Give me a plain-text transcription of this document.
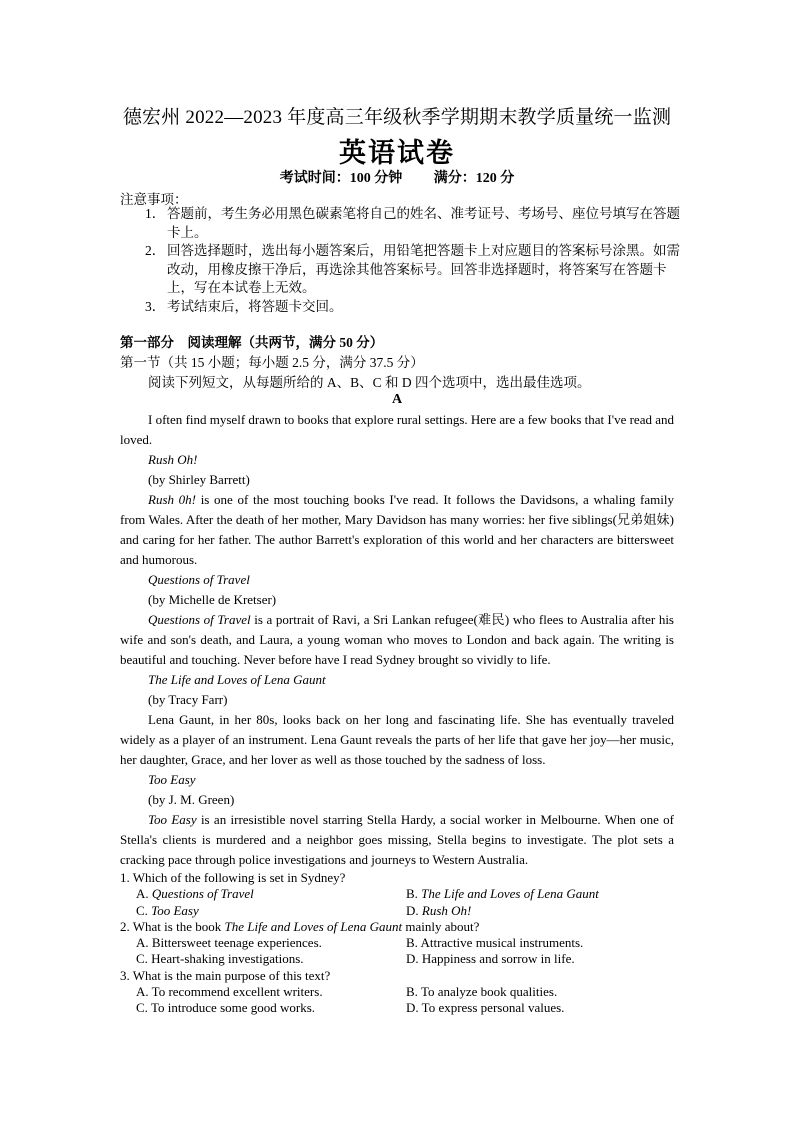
德宏州 2022—2023 年度高三年级秋季学期期末教学质量统一监测
英语试卷
考试时间：100 分钟 满分：120 分
注意事项：
1． 答题前，考生务必用黑色碳素笔将自己的姓名、准考证号、考场号、座位号填写在答题卡上。
2． 回答选择题时，选出每小题答案后，用铅笔把答题卡上对应题目的答案标号涂黑。如需改动，用橡皮擦干净后，再选涂其他答案标号。回答非选择题时，将答案写在答题卡上，写在本试卷上无效。
3． 考试结束后，将答题卡交回。
第一部分　阅读理解（共两节，满分 50 分）
第一节（共 15 小题；每小题 2.5 分，满分 37.5 分）
阅读下列短文，从每题所给的 A、B、C 和 D 四个选项中，选出最佳选项。
A

I often find myself drawn to books that explore rural settings. Here are a few books that I've read and loved.

Rush Oh!

(by Shirley Barrett)

Rush 0h! is one of the most touching books I've read. It follows the Davidsons, a whaling family from Wales. After the death of her mother, Mary Davidson has many worries: her five siblings(兄弟姐妹) and caring for her father. The author Barrett's exploration of this world and her characters are bittersweet and humorous.

Questions of Travel

(by Michelle de Kretser)

Questions of Travel is a portrait of Ravi, a Sri Lankan refugee(难民) who flees to Australia after his wife and son's death, and Laura, a young woman who moves to London and back again. The writing is beautiful and touching. Never before have I read Sydney brought so vividly to life.

The Life and Loves of Lena Gaunt

(by Tracy Farr)

Lena Gaunt, in her 80s, looks back on her long and fascinating life. She has eventually traveled widely as a player of an instrument. Lena Gaunt reveals the parts of her life that gave her joy—her music, her daughter, Grace, and her lover as well as those touched by the sadness of loss.

Too Easy

(by J. M. Green)

Too Easy is an irresistible novel starring Stella Hardy, a social worker in Melbourne. When one of Stella's clients is murdered and a neighbor goes missing, Stella begins to investigate. The plot sets a cracking pace through police investigations and journeys to Western Australia.

1. Which of the following is set in Sydney?
A. Questions of Travel	B. The Life and Loves of Lena Gaunt
C. Too Easy	D. Rush Oh!
2. What is the book The Life and Loves of Lena Gaunt mainly about?
A. Bittersweet teenage experiences.	B. Attractive musical instruments.
C. Heart-shaking investigations.	D. Happiness and sorrow in life.
3. What is the main purpose of this text?
A. To recommend excellent writers.	B. To analyze book qualities.
C. To introduce some good works.	D. To express personal values.
